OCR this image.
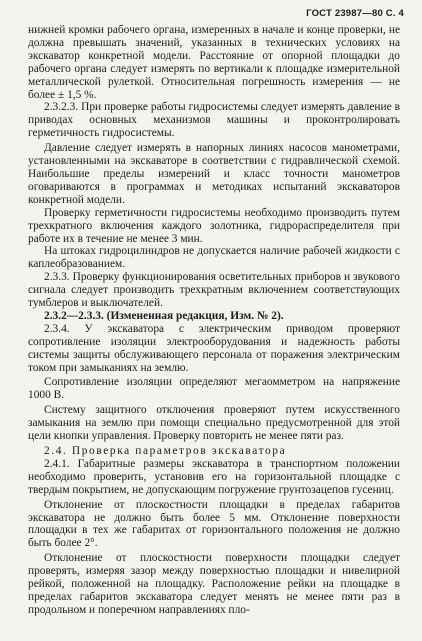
ГОСТ 23987—80 С. 4

нижней кромки рабочего органа, измеренных в начале и конце проверки, не должна превышать значений, указанных в технических условиях на экскаватор конкретной модели. Расстояние от опорной площадки до рабочего органа следует измерять по вертикали к площадке измерительной металлической рулеткой. Относительная погрешность измерения — не более ± 1,5 %.

2.3.2.3. При проверке работы гидросистемы следует измерять давление в приводах основных механизмов машины и проконтролировать герметичность гидросистемы.

Давление следует измерять в напорных линиях насосов манометрами, установленными на экскаваторе в соответствии с гидравлической схемой. Наибольшие пределы измерений и класс точности манометров оговариваются в программах и методиках испытаний экскаваторов конкретной модели.

Проверку герметичности гидросистемы необходимо производить путем трехкратного включения каждого золотника, гидрораспределителя при работе их в течение не менее 3 мин.

На штоках гидроцилиндров не допускается наличие рабочей жидкости с каплеобразованием.

2.3.3. Проверку функционирования осветительных приборов и звукового сигнала следует производить трехкратным включением соответствующих тумблеров и выключателей.

2.3.2—2.3.3. (Измененная редакция, Изм. № 2).

2.3.4. У экскаватора с электрическим приводом проверяют сопротивление изоляции электрооборудования и надежность работы системы защиты обслуживающего персонала от поражения электрическим током при замыканиях на землю.

Сопротивление изоляции определяют мегаомметром на напряжение 1000 В.

Систему защитного отключения проверяют путем искусственного замыкания на землю при помощи специально предусмотренной для этой цели кнопки управления. Проверку повторить не менее пяти раз.

2.4. Проверка параметров экскаватора

2.4.1. Габаритные размеры экскаватора в транспортном положении необходимо проверить, установив его на горизонтальной площадке с твердым покрытием, не допускающим погружение грунтозацепов гусениц.

Отклонение от плоскостности площадки в пределах габаритов экскаватора не должно быть более 5 мм. Отклонение поверхности площадки в тех же габаритах от горизонтального положения не должно быть более 2°.

Отклонение от плоскостности поверхности площадки следует проверять, измеряя зазор между поверхностью площадки и нивелирной рейкой, положенной на площадку. Расположение рейки на площадке в пределах габаритов экскаватора следует менять не менее пяти раз в продольном и поперечном направлениях пло-
